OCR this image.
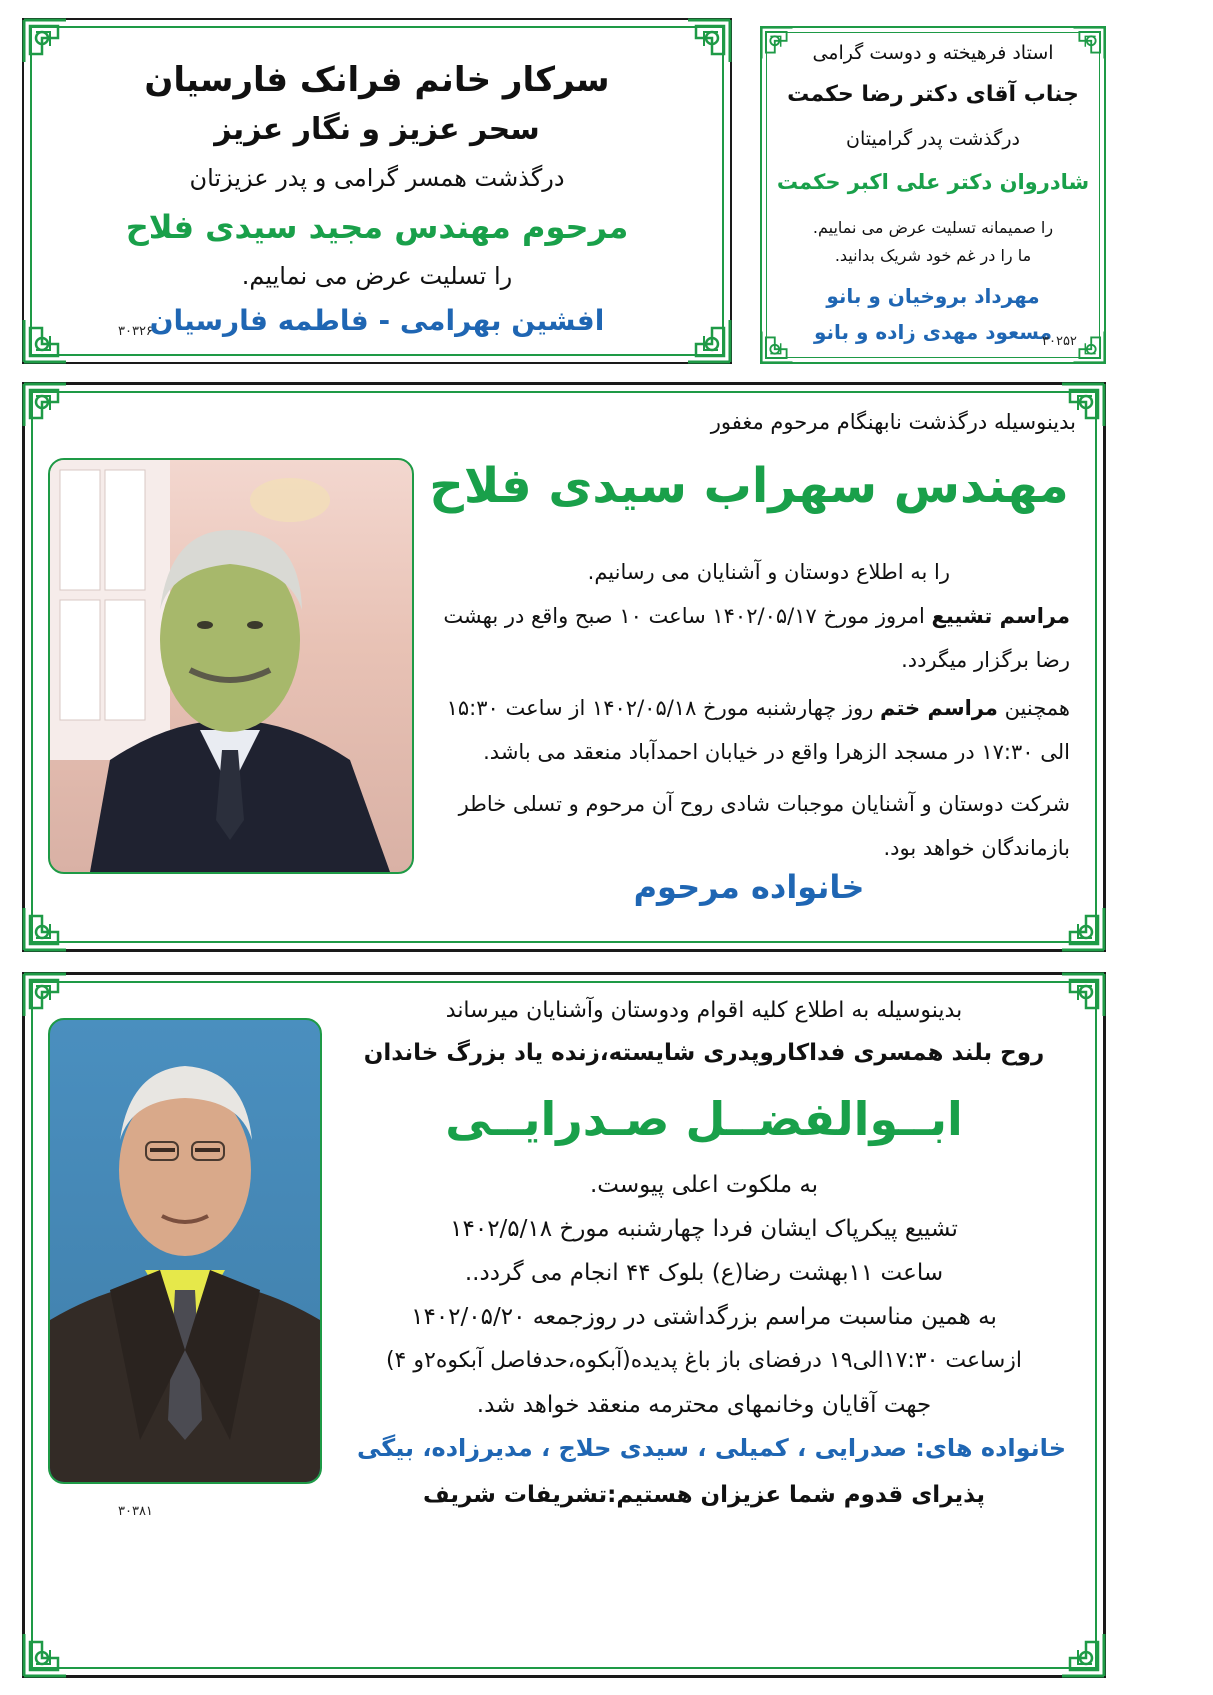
سرکار خانم فرانک فارسیان
سحر عزیز و نگار عزیز
درگذشت همسر گرامی و پدر عزیزتان
مرحوم مهندس مجید سیدی فلاح
را تسلیت عرض می نماییم.
افشین بهرامی - فاطمه فارسیان
۳۰۳۲۶
استاد فرهیخته و دوست گرامی
جناب آقای دکتر رضا حکمت
درگذشت پدر گرامیتان
شادروان دکتر علی اکبر حکمت
را صمیمانه تسلیت عرض می نماییم.
ما را در غم خود شریک بدانید.
مهرداد بروخیان و بانو
مسعود مهدی زاده و بانو
۳۰۲۵۲
بدینوسیله درگذشت نابهنگام مرحوم مغفور
مهندس سهراب سیدی فلاح
را به اطلاع دوستان و آشنایان می رسانیم.
مراسم تشییع امروز مورخ ۱۴۰۲/۰۵/۱۷ ساعت ۱۰ صبح واقع در بهشت رضا برگزار میگردد.
همچنین مراسم ختم روز چهارشنبه مورخ ۱۴۰۲/۰۵/۱۸ از ساعت ۱۵:۳۰ الی ۱۷:۳۰ در مسجد الزهرا واقع در خیابان احمدآباد منعقد می باشد.
شرکت دوستان و آشنایان موجبات شادی روح آن مرحوم و تسلی خاطر بازماندگان خواهد بود.
خانواده مرحوم
بدینوسیله به اطلاع کلیه اقوام ودوستان وآشنایان میرساند
روح بلند همسری فداکارو‌پدری شایسته،زنده یاد بزرگ خاندان
ابــوالفضــل صـدرایــی
به ملکوت اعلی پیوست.
تشییع پیکرپاک ایشان فردا چهارشنبه مورخ ۱۴۰۲/۵/۱۸
ساعت ۱۱بهشت رضا(ع) بلوک ۴۴ انجام می گردد..
به همین مناسبت مراسم بزرگداشتی در روزجمعه ۱۴۰۲/۰۵/۲۰
ازساعت ۱۷:۳۰الی۱۹ درفضای باز باغ پدیده(آبکوه،حدفاصل آبکوه۲و ۴)
جهت آقایان وخانمهای محترمه منعقد خواهد شد.
خانواده های: صدرایی ، کمیلی ، سیدی حلاج ، مدیرزاده، بیگی
پذیرای قدوم شما عزیزان هستیم:تشریفات شریف
۳۰۳۸۱
